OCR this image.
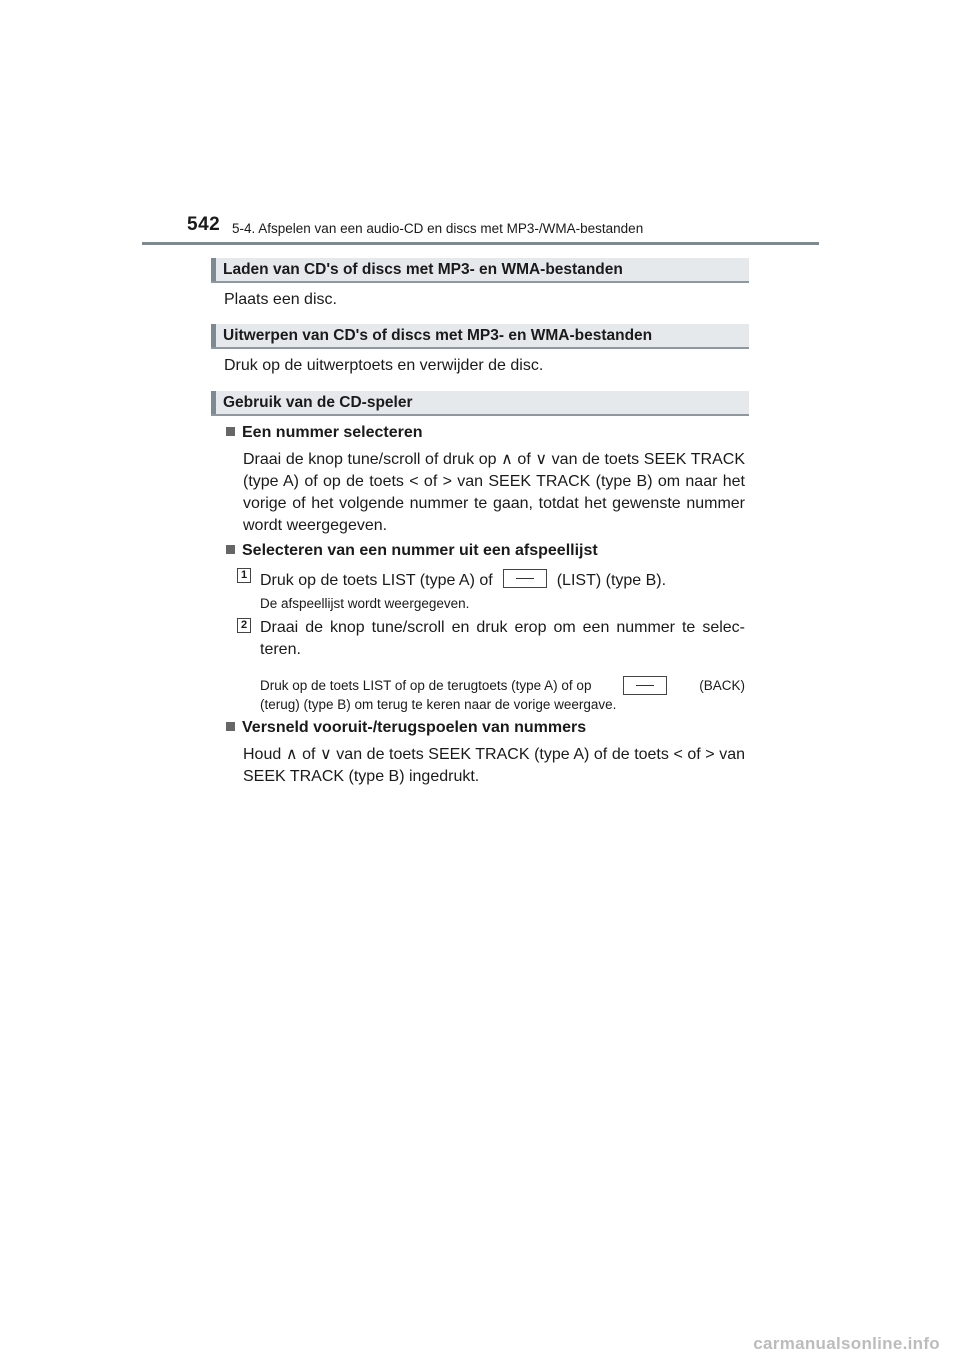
542 5-4. Afspelen van een audio-CD en discs met MP3-/WMA-bestanden
Laden van CD's of discs met MP3- en WMA-bestanden
Plaats een disc.
Uitwerpen van CD's of discs met MP3- en WMA-bestanden
Druk op de uitwerptoets en verwijder de disc.
Gebruik van de CD-speler
Een nummer selecteren
Draai de knop tune/scroll of druk op ∧ of ∨ van de toets SEEK TRACK (type A) of op de toets < of > van SEEK TRACK (type B) om naar het vorige of het volgende nummer te gaan, totdat het gewenste nummer wordt weergegeven.
Selecteren van een nummer uit een afspeellijst
1 Druk op de toets LIST (type A) of	(LIST) (type B).
De afspeellijst wordt weergegeven.
2 Draai de knop tune/scroll en druk erop om een nummer te selec-teren.
Druk op de toets LIST of op de terugtoets (type A) of op	(BACK)
(terug) (type B) om terug te keren naar de vorige weergave.
Versneld vooruit-/terugspoelen van nummers
Houd ∧ of ∨ van de toets SEEK TRACK (type A) of de toets < of > van SEEK TRACK (type B) ingedrukt.
carmanualsonline.info
